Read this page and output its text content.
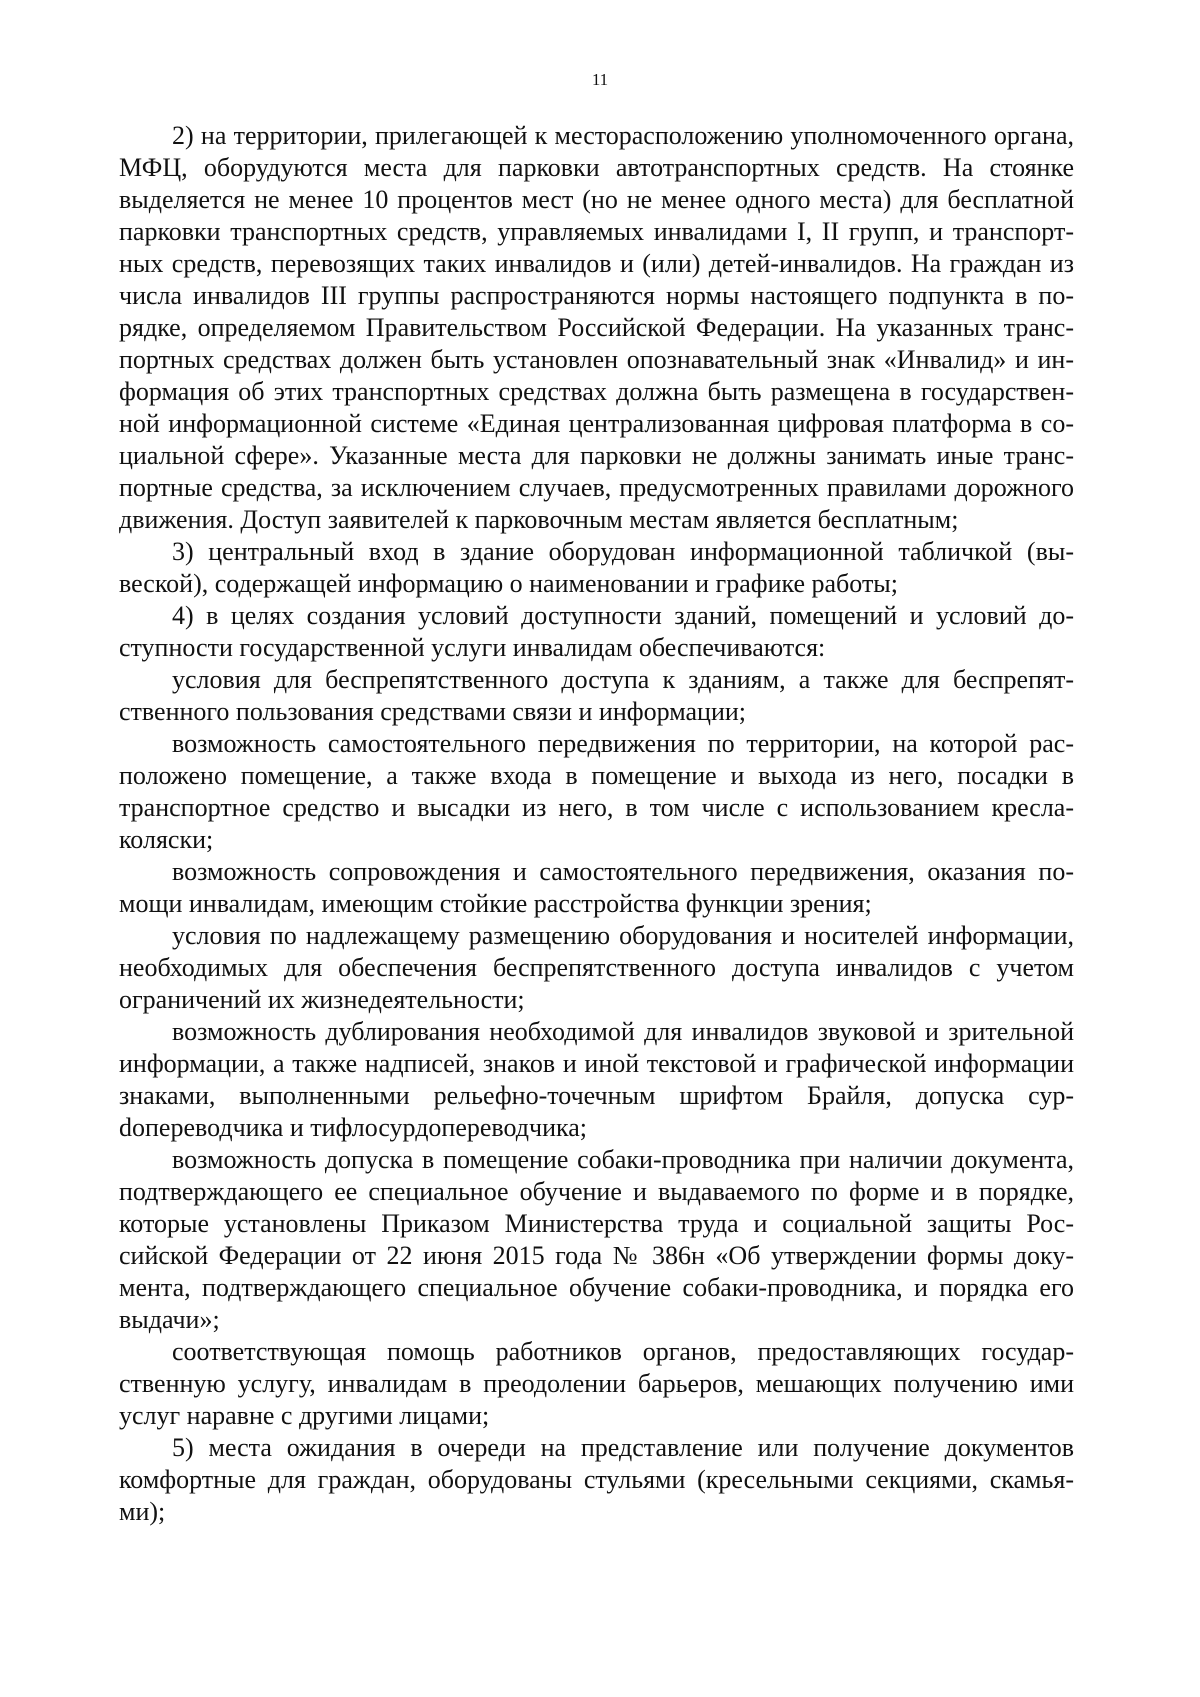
11

2) на территории, прилегающей к месторасположению уполномоченного органа, МФЦ, оборудуются места для парковки автотранспортных средств. На стоянке выделяется не менее 10 процентов мест (но не менее одного места) для бесплатной парковки транспортных средств, управляемых инвалидами I, II групп, и транспортных средств, перевозящих таких инвалидов и (или) детей-инвалидов. На граждан из числа инвалидов III группы распространяются нормы настоящего подпункта в порядке, определяемом Правительством Российской Федерации. На указанных транспортных средствах должен быть установлен опознавательный знак «Инвалид» и информация об этих транспортных средствах должна быть размещена в государственной информационной системе «Единая централизованная цифровая платформа в социальной сфере». Указанные места для парковки не должны занимать иные транспортные средства, за исключением случаев, предусмотренных правилами дорожного движения. Доступ заявителей к парковочным местам является бесплатным;

3) центральный вход в здание оборудован информационной табличкой (вывеской), содержащей информацию о наименовании и графике работы;

4) в целях создания условий доступности зданий, помещений и условий доступности государственной услуги инвалидам обеспечиваются:

условия для беспрепятственного доступа к зданиям, а также для беспрепятственного пользования средствами связи и информации;

возможность самостоятельного передвижения по территории, на которой расположено помещение, а также входа в помещение и выхода из него, посадки в транспортное средство и высадки из него, в том числе с использованием кресла-коляски;

возможность сопровождения и самостоятельного передвижения, оказания помощи инвалидам, имеющим стойкие расстройства функции зрения;

условия по надлежащему размещению оборудования и носителей информации, необходимых для обеспечения беспрепятственного доступа инвалидов с учетом ограничений их жизнедеятельности;

возможность дублирования необходимой для инвалидов звуковой и зрительной информации, а также надписей, знаков и иной текстовой и графической информации знаками, выполненными рельефно-точечным шрифтом Брайля, допуска сурdопереводчика и тифлосурдопереводчика;

возможность допуска в помещение собаки-проводника при наличии документа, подтверждающего ее специальное обучение и выдаваемого по форме и в порядке, которые установлены Приказом Министерства труда и социальной защиты Российской Федерации от 22 июня 2015 года № 386н «Об утверждении формы документа, подтверждающего специальное обучение собаки-проводника, и порядка его выдачи»;

соответствующая помощь работников органов, предоставляющих государственную услугу, инвалидам в преодолении барьеров, мешающих получению ими услуг наравне с другими лицами;

5) места ожидания в очереди на представление или получение документов комфортные для граждан, оборудованы стульями (кресельными секциями, скамьями);
